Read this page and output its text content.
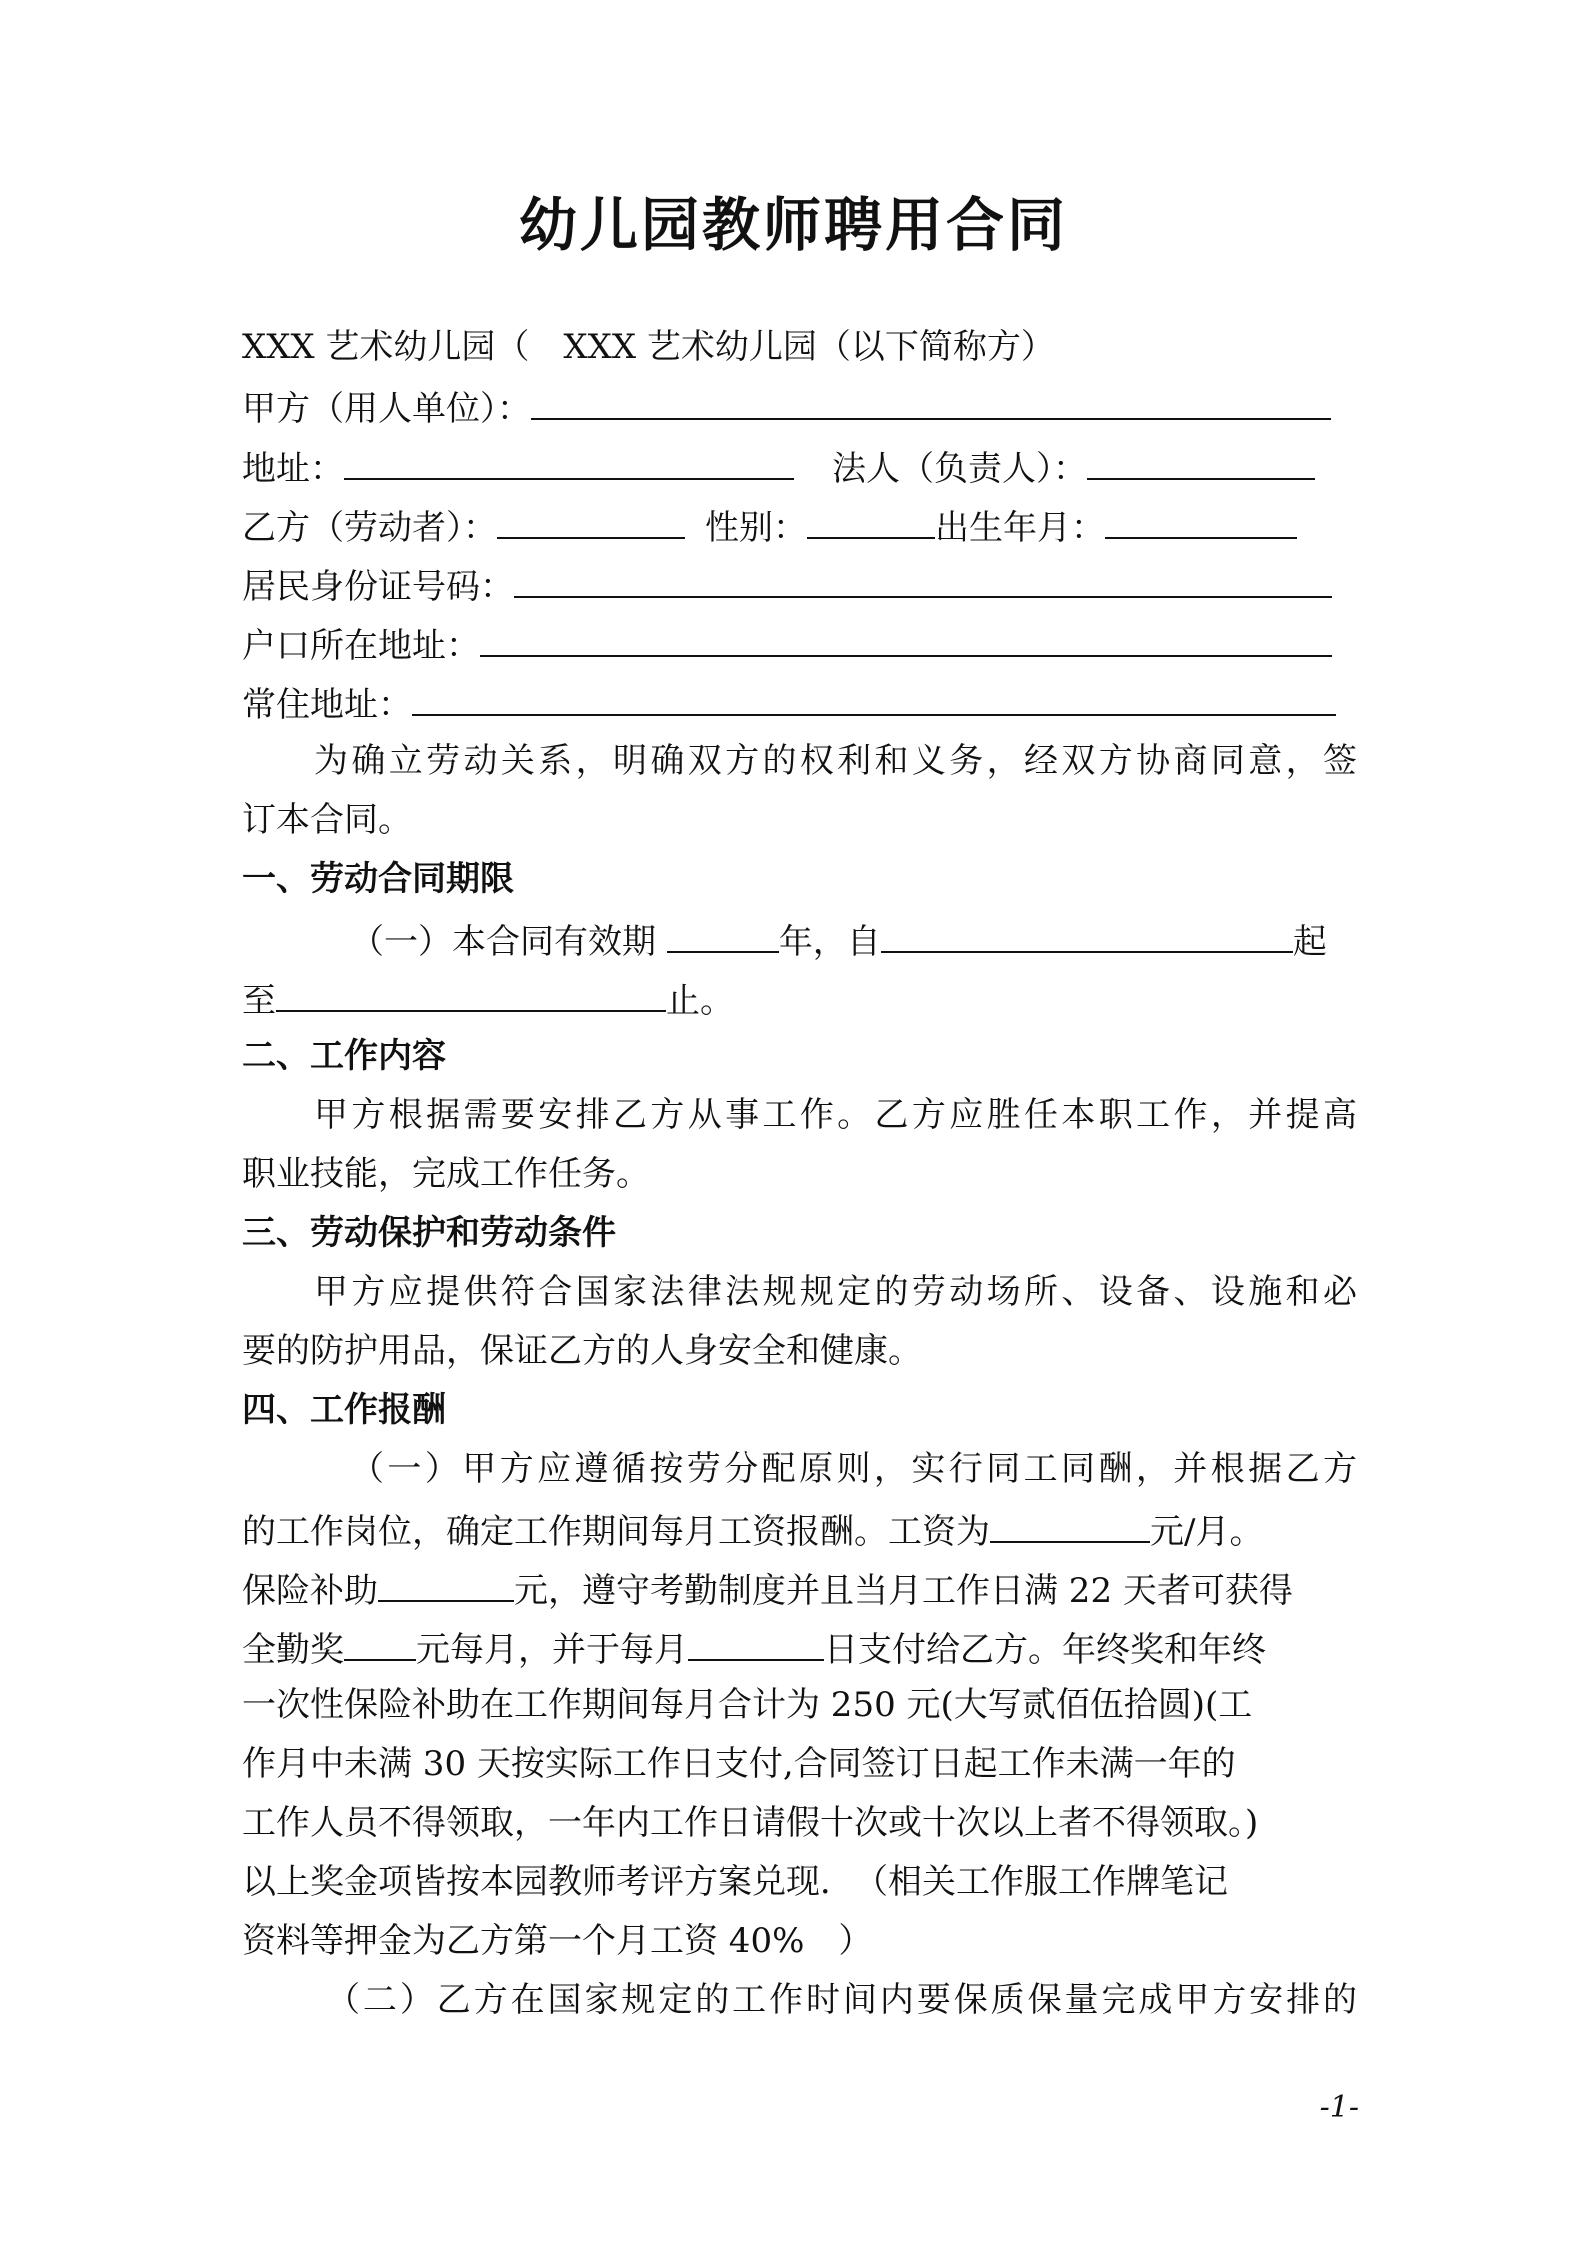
幼儿园教师聘用合同
XXX 艺术幼儿园（　XXX 艺术幼儿园（以下简称方）
甲方（用人单位）：
地址：	法人（负责人）：
乙方（劳动者）：	性别：	出生年月：
居民身份证号码：
户口所在地址：
常住地址：
为确立劳动关系，明确双方的权利和义务，经双方协商同意，签
订本合同。
一、劳动合同期限
（一）本合同有效期	年，自	起
至	止。
二、工作内容
甲方根据需要安排乙方从事工作。乙方应胜任本职工作，并提高
职业技能，完成工作任务。
三、劳动保护和劳动条件
甲方应提供符合国家法律法规规定的劳动场所、设备、设施和必
要的防护用品，保证乙方的人身安全和健康。
四、工作报酬
（一）甲方应遵循按劳分配原则，实行同工同酬，并根据乙方
的工作岗位，确定工作期间每月工资报酬。工资为	元/月。
保险补助	元，遵守考勤制度并且当月工作日满 22 天者可获得
全勤奖 元每月，并于每月	日支付给乙方。年终奖和年终
一次性保险补助在工作期间每月合计为 250 元(大写贰佰伍拾圆)(工
作月中未满 30 天按实际工作日支付,合同签订日起工作未满一年的
工作人员不得领取，一年内工作日请假十次或十次以上者不得领取。)
以上奖金项皆按本园教师考评方案兑现．　（相关工作服工作牌笔记
资料等押金为乙方第一个月工资 40%　）
（二）乙方在国家规定的工作时间内要保质保量完成甲方安排的
-1-
